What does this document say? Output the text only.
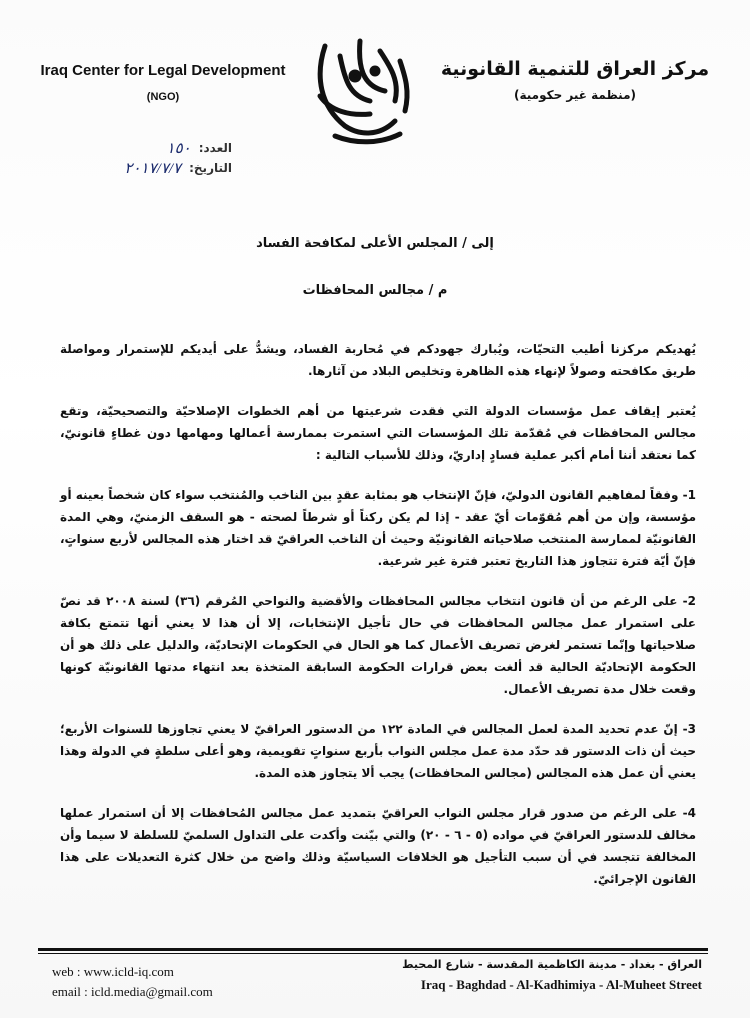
Iraq Center for Legal Development
(NGO)
مركز العراق للتنمية القانونية
(منظمة غير حكومية)
العدد:
١٥٠
التاريخ:
٢٠١٧/٧/٧
إلى / المجلس الأعلى لمكافحة الفساد
م / مجالس المحافظات

يُهديكم مركزنا أطيب التحيّات، ويُبارك جهودكم في مُحاربة الفساد، ويشدُّ على أيديكم للإستمرار ومواصلة طريق مكافحته وصولاً لإنهاء هذه الظاهرة وتخليص البلاد من آثارها.

يُعتبر إيقاف عمل مؤسسات الدولة التي فقدت شرعيتها من أهم الخطوات الإصلاحيّة والتصحيحيّة، وتقع مجالس المحافظات في مُقدّمة تلك المؤسسات التي استمرت بممارسة أعمالها ومهامها دون غطاءٍ قانونيّ، كما نعتقد أننا أمام أكبر عملية فسادٍ إداريّ، وذلك للأسباب التالية :

1- وفقاً لمفاهيم القانون الدوليّ، فإنّ الإنتخاب هو بمثابة عقدٍ بين الناخب والمُنتخب سواء كان شخصاً بعينه أو مؤسسة، وإن من أهم مُقوّمات أيّ عقد - إذا لم يكن ركناً أو شرطاً لصحته - هو السقف الزمنيّ، وهي المدة القانونيّة لممارسة المنتخب صلاحياته القانونيّة وحيث أن الناخب العراقيّ قد اختار هذه المجالس لأربع سنواتٍ، فإنّ أيّة فترة تتجاوز هذا التاريخ تعتبر فترة غير شرعية.

2- على الرغم من أن قانون انتخاب مجالس المحافظات والأقضية والنواحي المُرقم (٣٦) لسنة ٢٠٠٨ قد نصّ على استمرار عمل مجالس المحافظات في حال تأجيل الإنتخابات، إلا أن هذا لا يعني أنها تتمتع بكافة صلاحياتها وإنّما تستمر لغرض تصريف الأعمال كما هو الحال في الحكومات الإتحاديّة، والدليل على ذلك هو أن الحكومة الإتحاديّة الحالية قد ألغت بعض قرارات الحكومة السابقة المتخذة بعد انتهاء مدتها القانونيّة كونها وقعت خلال مدة تصريف الأعمال.

3- إنّ عدم تحديد المدة لعمل المجالس في المادة ١٢٢ من الدستور العراقيّ لا يعني تجاوزها للسنوات الأربع؛ حيث أن ذات الدستور قد حدّد مدة عمل مجلس النواب بأربع سنواتٍ تقويمية، وهو أعلى سلطةٍ في الدولة وهذا يعني أن عمل هذه المجالس (مجالس المحافظات) يجب ألا يتجاوز هذه المدة.

4- على الرغم من صدور قرار مجلس النواب العراقيّ بتمديد عمل مجالس المُحافظات إلا أن استمرار عملها مخالف للدستور العراقيّ في مواده (٥ - ٦ - ٢٠) والتي بيّنت وأكدت على التداول السلميّ للسلطة لا سيما وأن المخالفة تتجسد في أن سبب التأجيل هو الخلافات السياسيّة وذلك واضح من خلال كثرة التعديلات على هذا القانون الإجرائيّ.

web : www.icld-iq.com
email : icld.media@gmail.com
العراق - بغداد - مدينة الكاظمية المقدسة - شارع المحيط
Iraq - Baghdad - Al-Kadhimiya - Al-Muheet Street
